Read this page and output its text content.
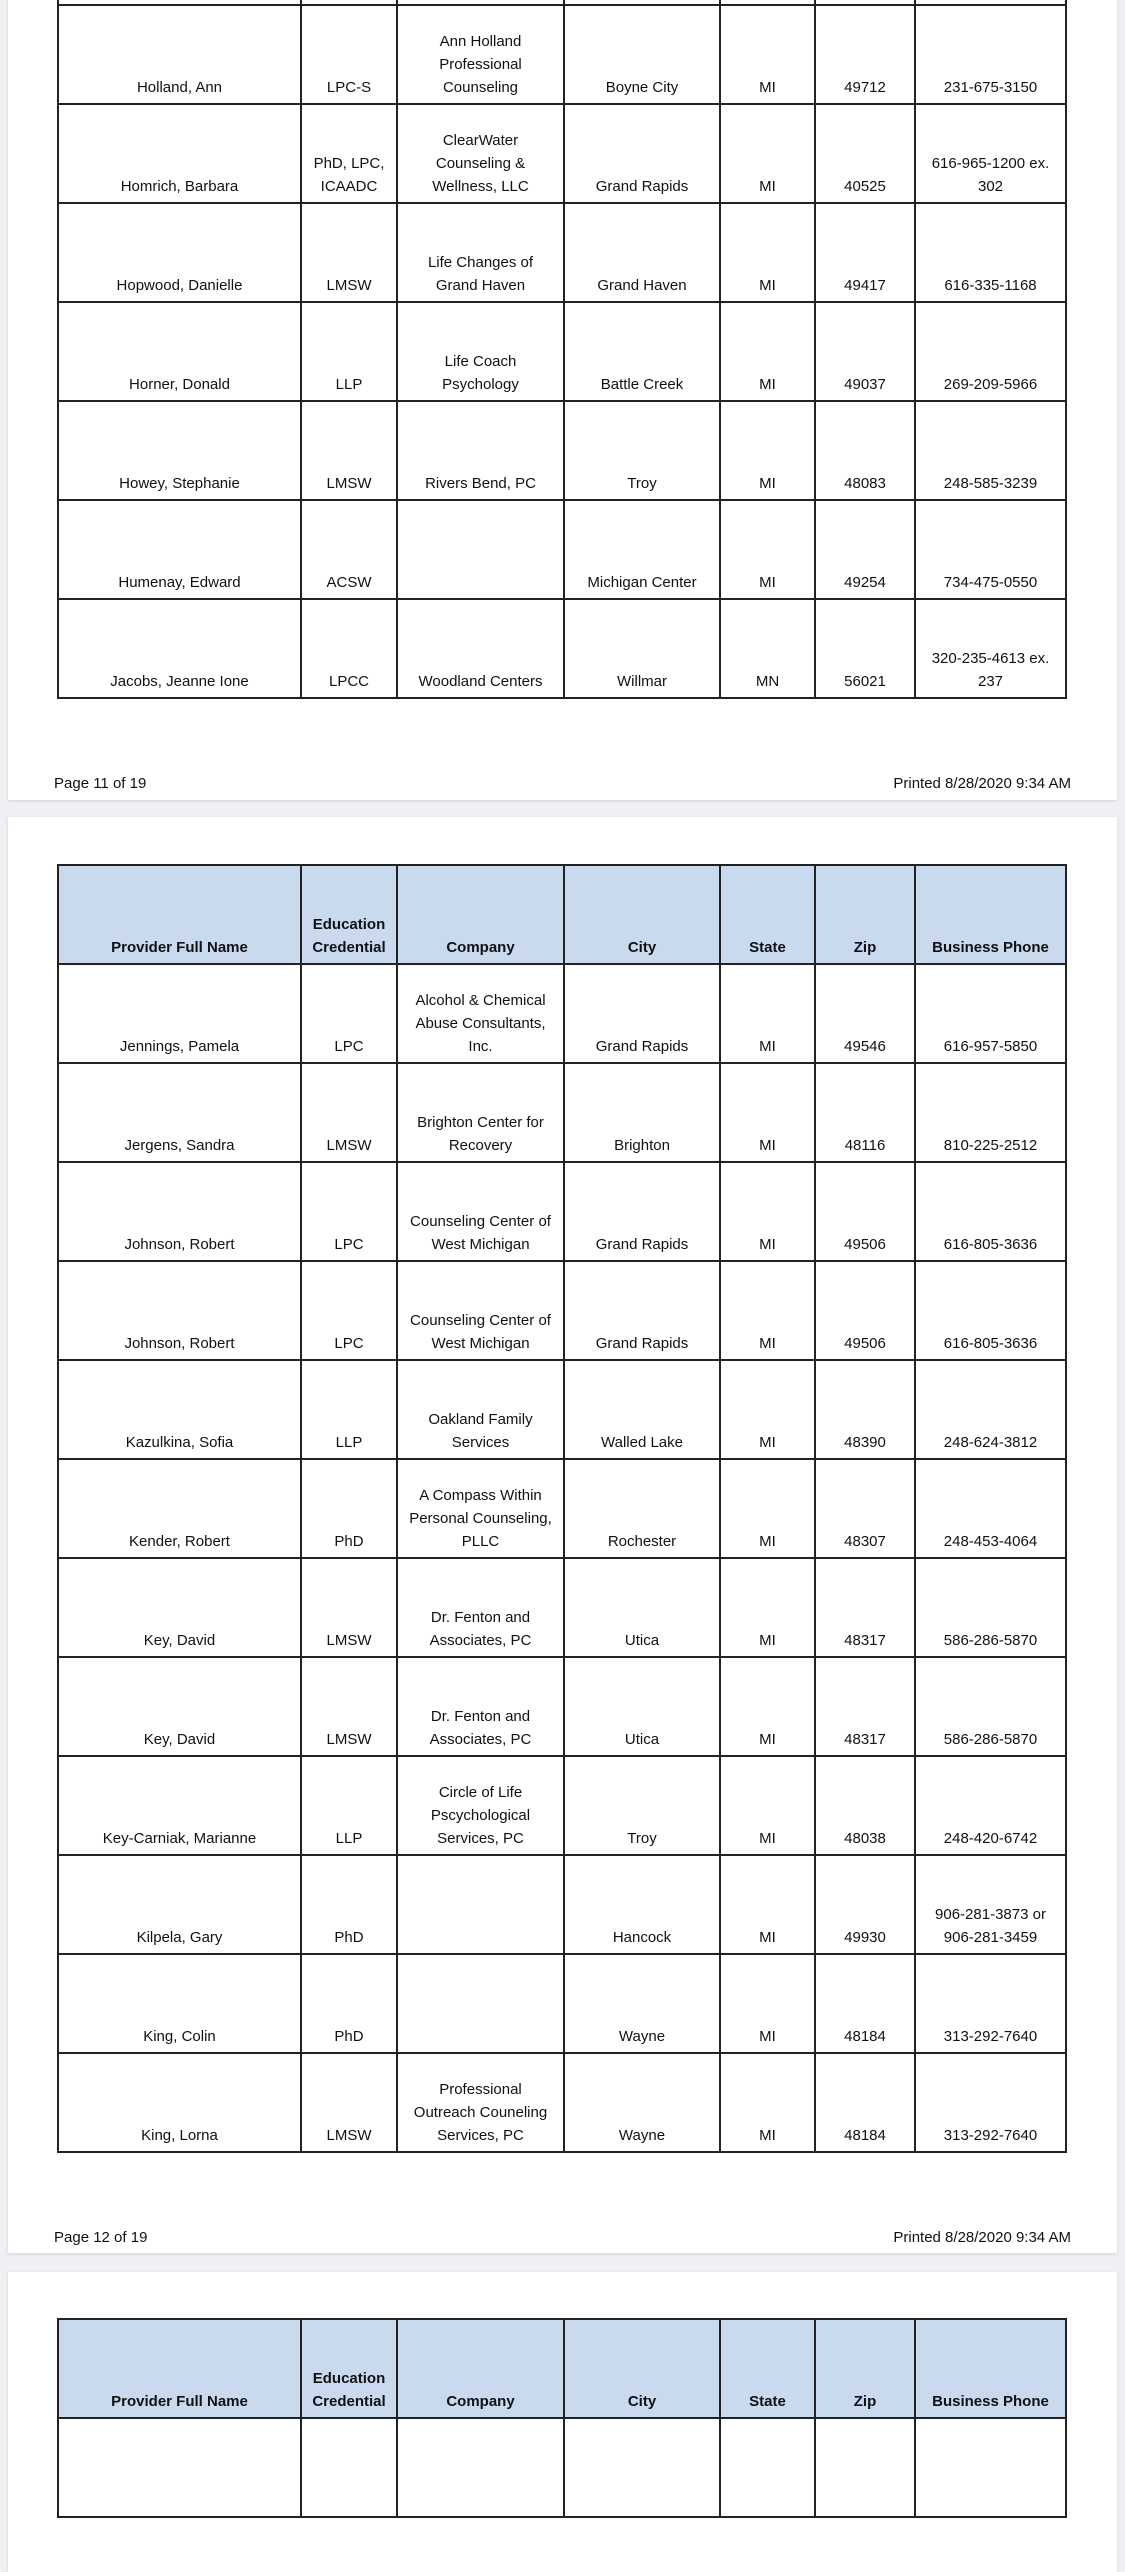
Holland, Ann	LPC-S	Ann Holland
Professional
Counseling	Boyne City	MI	49712	231-675-3150
Homrich, Barbara	PhD, LPC,
ICAADC	ClearWater
Counseling &
Wellness, LLC	Grand Rapids	MI	40525	616-965-1200 ex.
302
Hopwood, Danielle	LMSW	Life Changes of
Grand Haven	Grand Haven	MI	49417	616-335-1168
Horner, Donald	LLP	Life Coach
Psychology	Battle Creek	MI	49037	269-209-5966
Howey, Stephanie	LMSW	Rivers Bend, PC	Troy	MI	48083	248-585-3239
Humenay, Edward	ACSW		Michigan Center	MI	49254	734-475-0550
Jacobs, Jeanne Ione	LPCC	Woodland Centers	Willmar	MN	56021	320-235-4613 ex.
237
Page 11 of 19	Printed 8/28/2020 9:34 AM
Provider Full Name	Education Credential	Company	City	State	Zip	Business Phone
Jennings, Pamela	LPC	Alcohol & Chemical
Abuse Consultants,
Inc.	Grand Rapids	MI	49546	616-957-5850
Jergens, Sandra	LMSW	Brighton Center for
Recovery	Brighton	MI	48116	810-225-2512
Johnson, Robert	LPC	Counseling Center of
West Michigan	Grand Rapids	MI	49506	616-805-3636
Johnson, Robert	LPC	Counseling Center of
West Michigan	Grand Rapids	MI	49506	616-805-3636
Kazulkina, Sofia	LLP	Oakland Family
Services	Walled Lake	MI	48390	248-624-3812
Kender, Robert	PhD	A Compass Within
Personal Counseling,
PLLC	Rochester	MI	48307	248-453-4064
Key, David	LMSW	Dr. Fenton and
Associates, PC	Utica	MI	48317	586-286-5870
Key, David	LMSW	Dr. Fenton and
Associates, PC	Utica	MI	48317	586-286-5870
Key-Carniak, Marianne	LLP	Circle of Life
Pscychological
Services, PC	Troy	MI	48038	248-420-6742
Kilpela, Gary	PhD		Hancock	MI	49930	906-281-3873 or
906-281-3459
King, Colin	PhD		Wayne	MI	48184	313-292-7640
King, Lorna	LMSW	Professional
Outreach Couneling
Services, PC	Wayne	MI	48184	313-292-7640
Page 12 of 19	Printed 8/28/2020 9:34 AM
Provider Full Name	Education Credential	Company	City	State	Zip	Business Phone
